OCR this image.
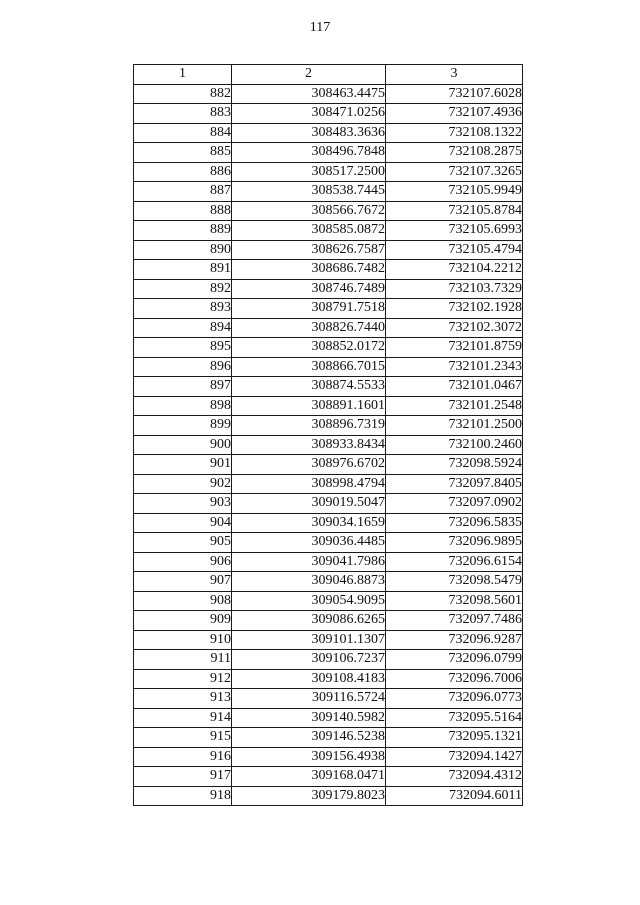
117
1	2	3
882	308463.4475	732107.6028
883	308471.0256	732107.4936
884	308483.3636	732108.1322
885	308496.7848	732108.2875
886	308517.2500	732107.3265
887	308538.7445	732105.9949
888	308566.7672	732105.8784
889	308585.0872	732105.6993
890	308626.7587	732105.4794
891	308686.7482	732104.2212
892	308746.7489	732103.7329
893	308791.7518	732102.1928
894	308826.7440	732102.3072
895	308852.0172	732101.8759
896	308866.7015	732101.2343
897	308874.5533	732101.0467
898	308891.1601	732101.2548
899	308896.7319	732101.2500
900	308933.8434	732100.2460
901	308976.6702	732098.5924
902	308998.4794	732097.8405
903	309019.5047	732097.0902
904	309034.1659	732096.5835
905	309036.4485	732096.9895
906	309041.7986	732096.6154
907	309046.8873	732098.5479
908	309054.9095	732098.5601
909	309086.6265	732097.7486
910	309101.1307	732096.9287
911	309106.7237	732096.0799
912	309108.4183	732096.7006
913	309116.5724	732096.0773
914	309140.5982	732095.5164
915	309146.5238	732095.1321
916	309156.4938	732094.1427
917	309168.0471	732094.4312
918	309179.8023	732094.6011
